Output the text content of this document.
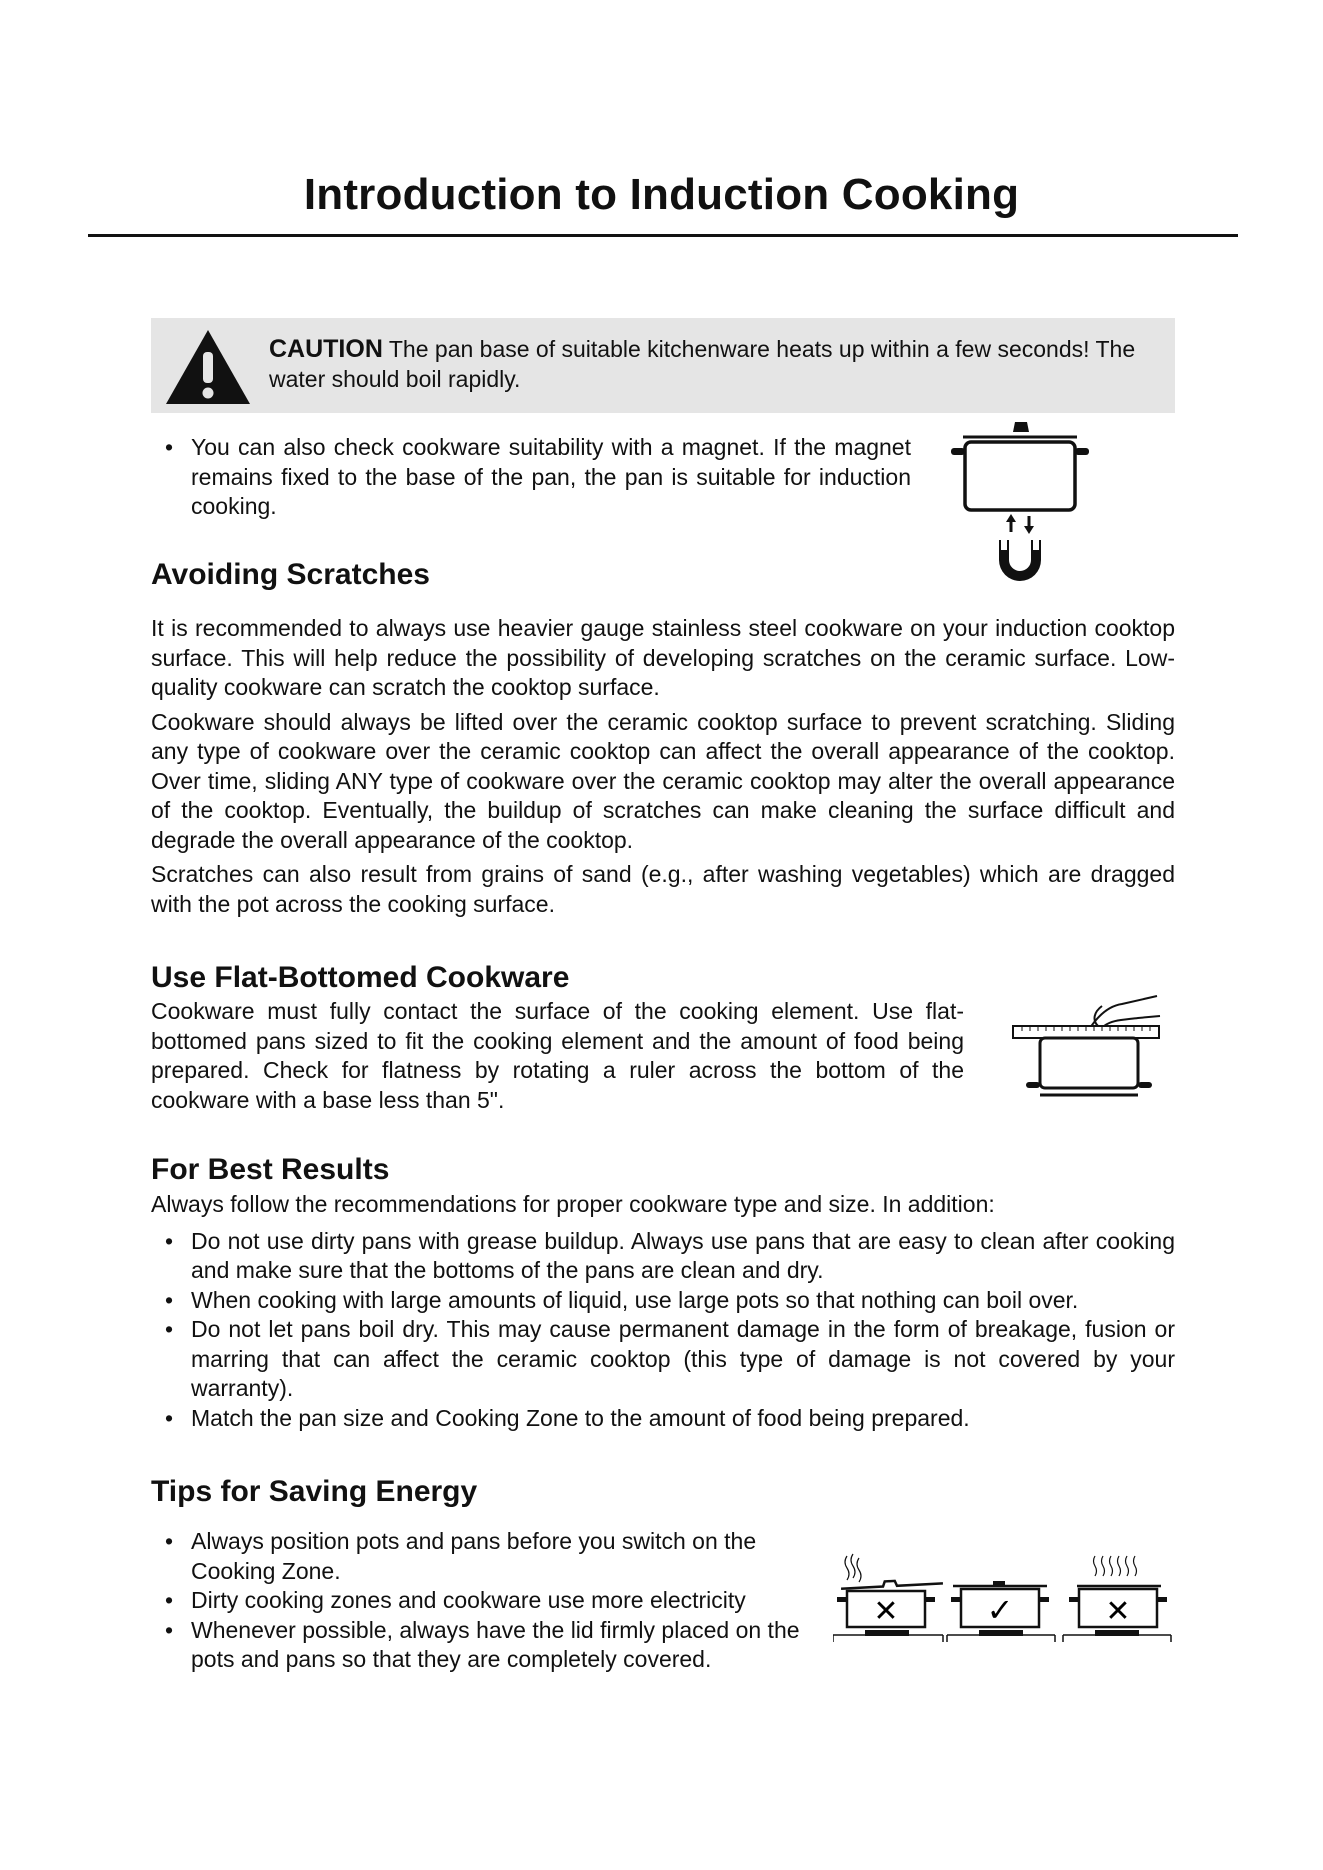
Introduction to Induction Cooking
CAUTION The pan base of suitable kitchenware heats up within a few seconds! The water should boil rapidly.
• You can also check cookware suitability with a magnet. If the magnet remains fixed to the base of the pan, the pan is suitable for induction cooking.
Avoiding Scratches

It is recommended to always use heavier gauge stainless steel cookware on your induction cooktop surface. This will help reduce the possibility of developing scratches on the ceramic surface. Low-quality cookware can scratch the cooktop surface.

Cookware should always be lifted over the ceramic cooktop surface to prevent scratching. Sliding any type of cookware over the ceramic cooktop can affect the overall appearance of the cooktop. Over time, sliding ANY type of cookware over the ceramic cooktop may alter the overall appearance of the cooktop. Eventually, the buildup of scratches can make cleaning the surface difficult and degrade the overall appearance of the cooktop.

Scratches can also result from grains of sand (e.g., after washing vegetables) which are dragged with the pot across the cooking surface.

Use Flat-Bottomed Cookware

Cookware must fully contact the surface of the cooking element. Use flat-bottomed pans sized to fit the cooking element and the amount of food being prepared. Check for flatness by rotating a ruler across the bottom of the cookware with a base less than 5".

For Best Results

Always follow the recommendations for proper cookware type and size. In addition:

• Do not use dirty pans with grease buildup. Always use pans that are easy to clean after cooking and make sure that the bottoms of the pans are clean and dry.
• When cooking with large amounts of liquid, use large pots so that nothing can boil over.
• Do not let pans boil dry. This may cause permanent damage in the form of breakage, fusion or marring that can affect the ceramic cooktop (this type of damage is not covered by your warranty).
• Match the pan size and Cooking Zone to the amount of food being prepared.
Tips for Saving Energy
• Always position pots and pans before you switch on the Cooking Zone.
• Dirty cooking zones and cookware use more electricity
• Whenever possible, always have the lid firmly placed on the pots and pans so that they are completely covered.
✕	✓	✕
